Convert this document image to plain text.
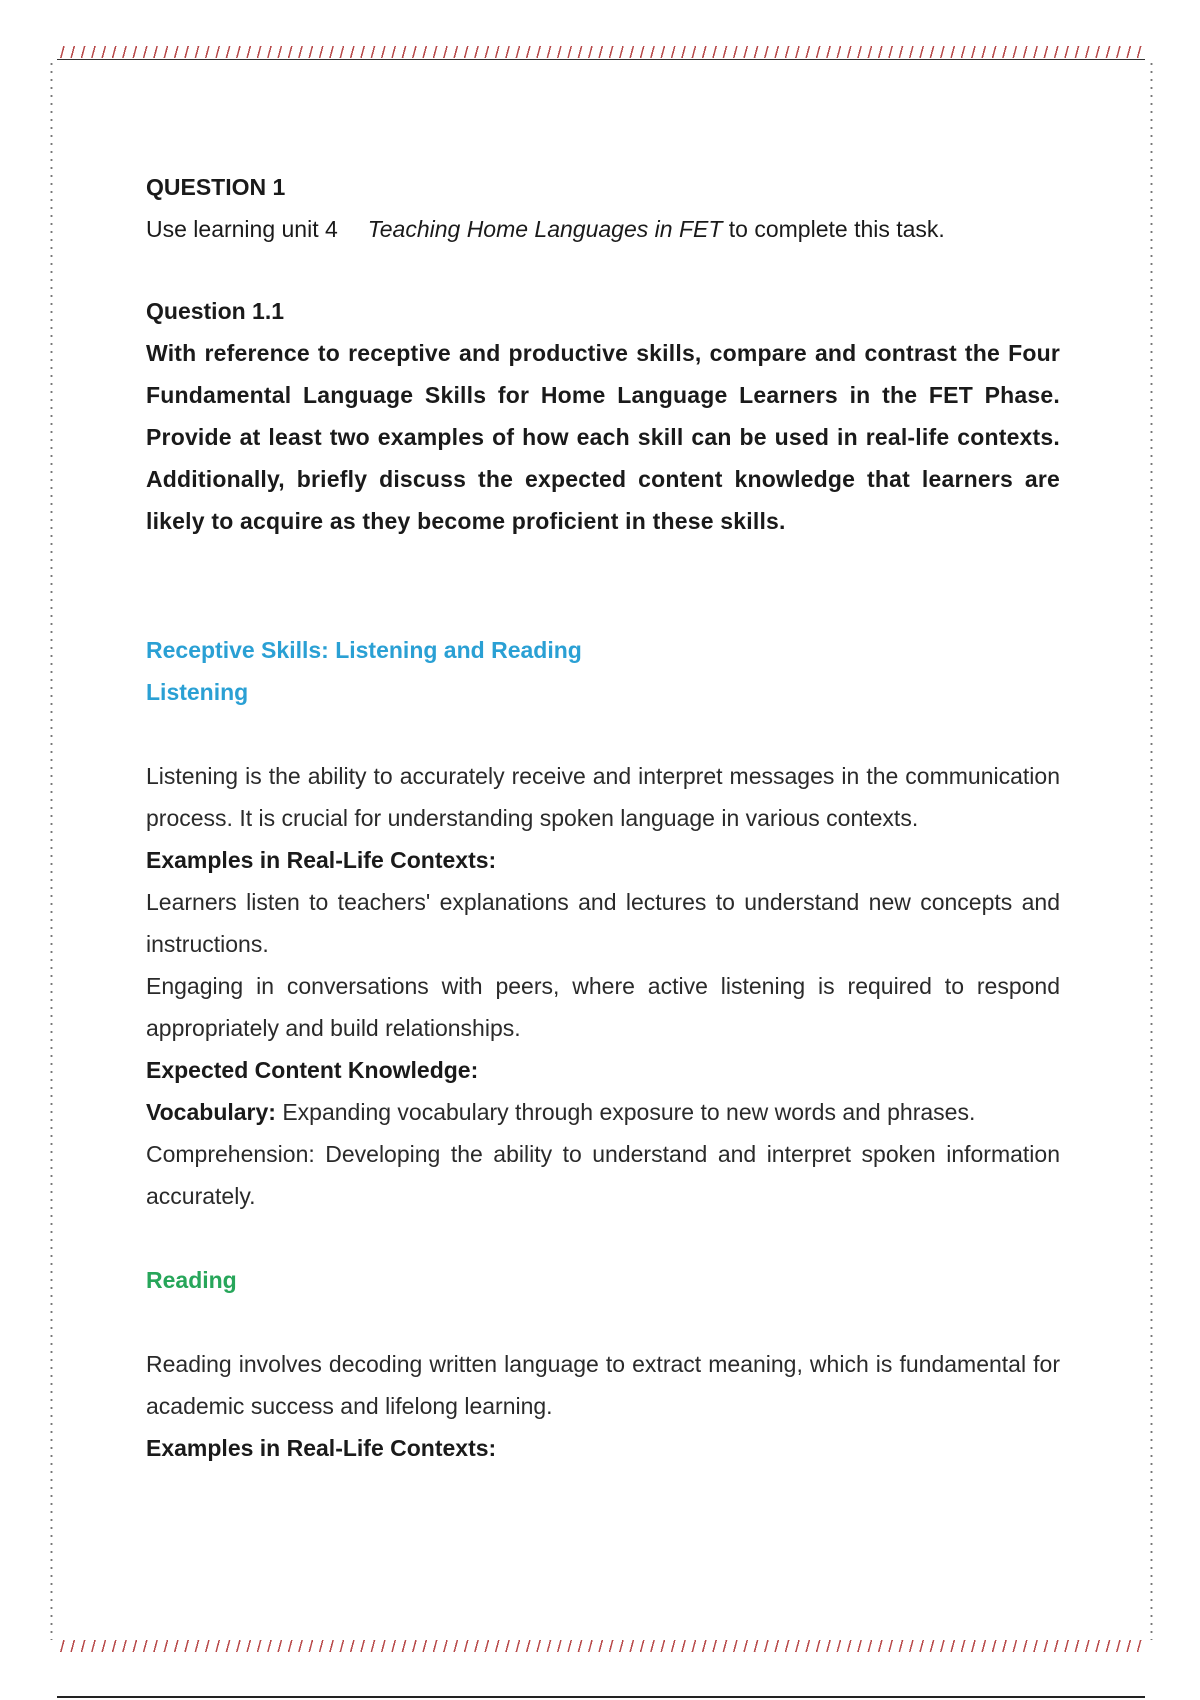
QUESTION 1

Use learning unit 4 Teaching Home Languages in FET to complete this task.

Question 1.1

With reference to receptive and productive skills, compare and contrast the Four Fundamental Language Skills for Home Language Learners in the FET Phase. Provide at least two examples of how each skill can be used in real-life contexts. Additionally, briefly discuss the expected content knowledge that learners are likely to acquire as they become proficient in these skills.

Receptive Skills: Listening and Reading

Listening

Listening is the ability to accurately receive and interpret messages in the communication process. It is crucial for understanding spoken language in various contexts.

Examples in Real-Life Contexts:

Learners listen to teachers' explanations and lectures to understand new concepts and instructions.

Engaging in conversations with peers, where active listening is required to respond appropriately and build relationships.

Expected Content Knowledge:

Vocabulary: Expanding vocabulary through exposure to new words and phrases.

Comprehension: Developing the ability to understand and interpret spoken information accurately.

Reading

Reading involves decoding written language to extract meaning, which is fundamental for academic success and lifelong learning.

Examples in Real-Life Contexts:
